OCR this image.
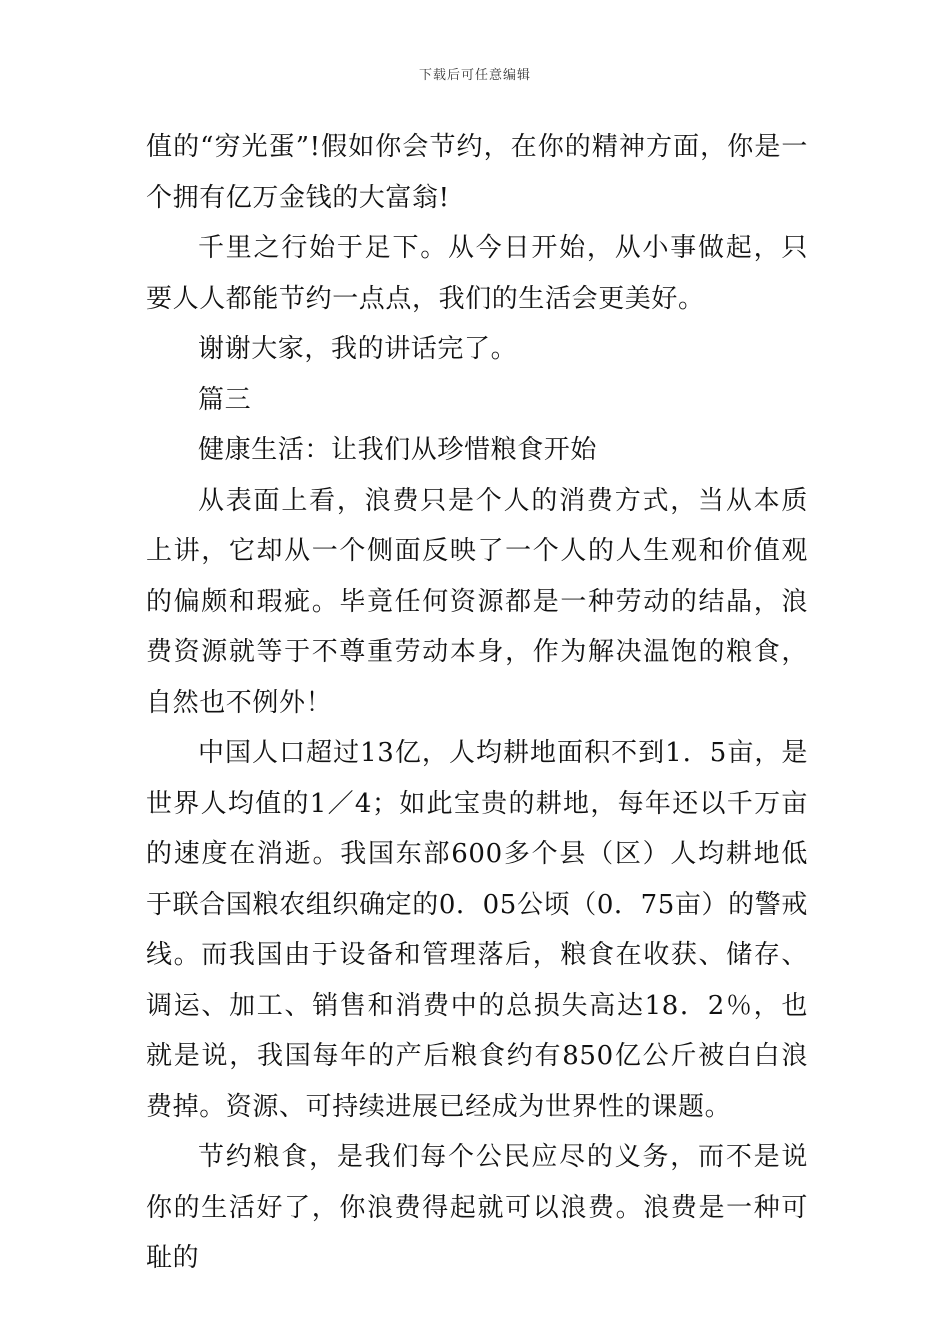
下载后可任意编辑

值的“穷光蛋”!假如你会节约，在你的精神方面，你是一个拥有亿万金钱的大富翁!

千里之行始于足下。从今日开始，从小事做起，只要人人都能节约一点点，我们的生活会更美好。

谢谢大家，我的讲话完了。

篇三

健康生活：让我们从珍惜粮食开始

从表面上看，浪费只是个人的消费方式，当从本质上讲，它却从一个侧面反映了一个人的人生观和价值观的偏颇和瑕疵。毕竟任何资源都是一种劳动的结晶，浪费资源就等于不尊重劳动本身，作为解决温饱的粮食，自然也不例外！

中国人口超过13亿，人均耕地面积不到1．5亩，是世界人均值的1／4；如此宝贵的耕地，每年还以千万亩的速度在消逝。我国东部600多个县（区）人均耕地低于联合国粮农组织确定的0．05公顷（0．75亩）的警戒线。而我国由于设备和管理落后，粮食在收获、储存、调运、加工、销售和消费中的总损失高达18．2％，也就是说，我国每年的产后粮食约有850亿公斤被白白浪费掉。资源、可持续进展已经成为世界性的课题。

节约粮食，是我们每个公民应尽的义务，而不是说你的生活好了，你浪费得起就可以浪费。浪费是一种可耻的
